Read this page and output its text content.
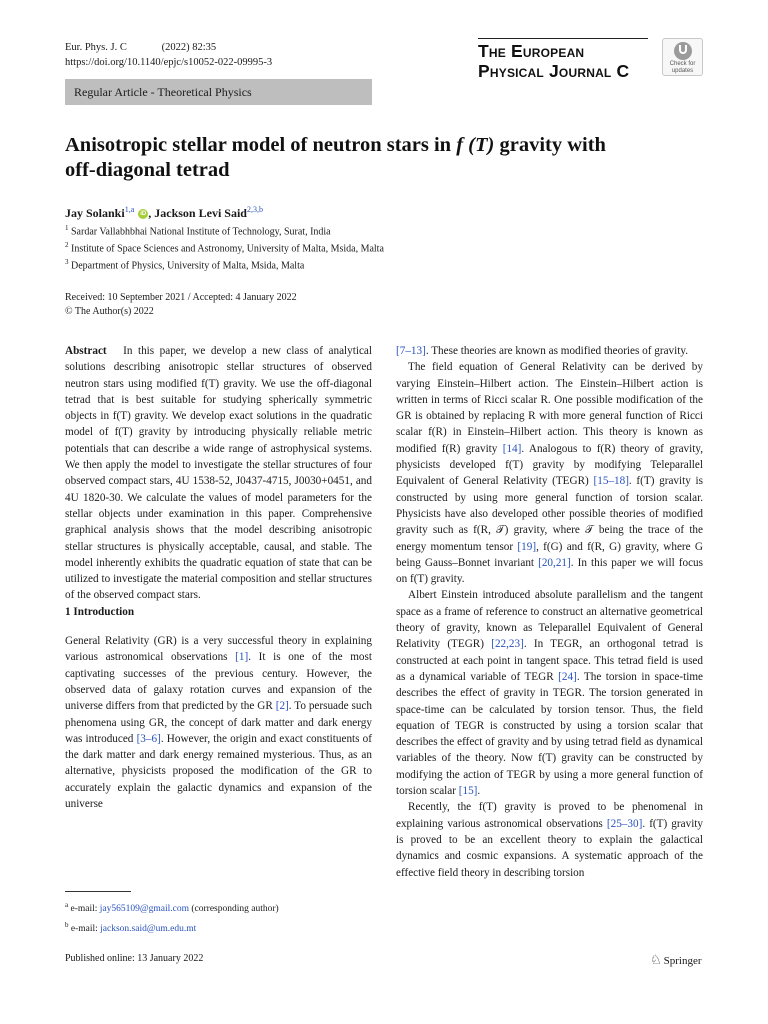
Eur. Phys. J. C	(2022) 82:35
https://doi.org/10.1140/epjc/s10052-022-09995-3
The European
Physical Journal C	Check for
updates
Regular Article - Theoretical Physics
Anisotropic stellar model of neutron stars in f (T) gravity with
off-diagonal tetrad
Jay Solanki$^{1,a}$ iD , Jackson Levi Said$^{2,3,b}$
$^1$ Sardar Vallabhbhai National Institute of Technology, Surat, India
$^2$ Institute of Space Sciences and Astronomy, University of Malta, Msida, Malta
$^3$ Department of Physics, University of Malta, Msida, Malta
Received: 10 September 2021 / Accepted: 4 January 2022
© The Author(s) 2022

Abstract In this paper, we develop a new class of analytical solutions describing anisotropic stellar structures of observed neutron stars using modified f(T) gravity. We use the off-diagonal tetrad that is best suitable for studying spherically symmetric objects in f(T) gravity. We develop exact solutions in the quadratic model of f(T) gravity by introducing physically reliable metric potentials that can describe a wide range of astrophysical systems. We then apply the model to investigate the stellar structures of four observed compact stars, 4U 1538-52, J0437-4715, J0030+0451, and 4U 1820-30. We calculate the values of model parameters for the stellar objects under examination in this paper. Comprehensive graphical analysis shows that the model describing anisotropic stellar structures is physically acceptable, causal, and stable. The model inherently exhibits the quadratic equation of state that can be utilized to investigate the material composition and stellar structures of the observed compact stars.

1 Introduction

General Relativity (GR) is a very successful theory in explaining various astronomical observations [1]. It is one of the most captivating successes of the previous century. However, the observed data of galaxy rotation curves and expansion of the universe differs from that predicted by the GR [2]. To persuade such phenomena using GR, the concept of dark matter and dark energy was introduced [3–6]. However, the origin and exact constituents of the dark matter and dark energy remained mysterious. Thus, as an alternative, physicists proposed the modification of the GR to accurately explain the galactic dynamics and expansion of the universe

[7–13]. These theories are known as modified theories of gravity.

The field equation of General Relativity can be derived by varying Einstein–Hilbert action. The Einstein–Hilbert action is written in terms of Ricci scalar R. One possible modification of the GR is obtained by replacing R with more general function of Ricci scalar f(R) in Einstein–Hilbert action. This theory is known as modified f(R) gravity [14]. Analogous to f(R) theory of gravity, physicists developed f(T) gravity by modifying Teleparallel Equivalent of General Relativity (TEGR) [15–18]. f(T) gravity is constructed by using more general function of torsion scalar. Physicists have also developed other possible theories of modified gravity such as f(R, 𝒯) gravity, where 𝒯 being the trace of the energy momentum tensor [19], f(G) and f(R, G) gravity, where G being Gauss–Bonnet invariant [20,21]. In this paper we will focus on f(T) gravity.

Albert Einstein introduced absolute parallelism and the tangent space as a frame of reference to construct an alternative geometrical theory of gravity, known as Teleparallel Equivalent of General Relativity (TEGR) [22,23]. In TEGR, an orthogonal tetrad is constructed at each point in tangent space. This tetrad field is used as a dynamical variable of TEGR [24]. The torsion in space-time describes the effect of gravity in TEGR. The torsion generated in space-time can be calculated by torsion tensor. Thus, the field equation of TEGR is constructed by using a torsion scalar that describes the effect of gravity and by using tetrad field as dynamical variables of the theory. Now f(T) gravity can be constructed by modifying the action of TEGR by using a more general function of torsion scalar [15].

Recently, the f(T) gravity is proved to be phenomenal in explaining various astronomical observations [25–30]. f(T) gravity is proved to be an excellent theory to explain the galactical dynamics and cosmic expansions. A systematic approach of the effective field theory in describing torsion

$^a$ e-mail: jay565109@gmail.com (corresponding author)
$^b$ e-mail: jackson.said@um.edu.mt
Published online: 13 January 2022	♘ Springer
